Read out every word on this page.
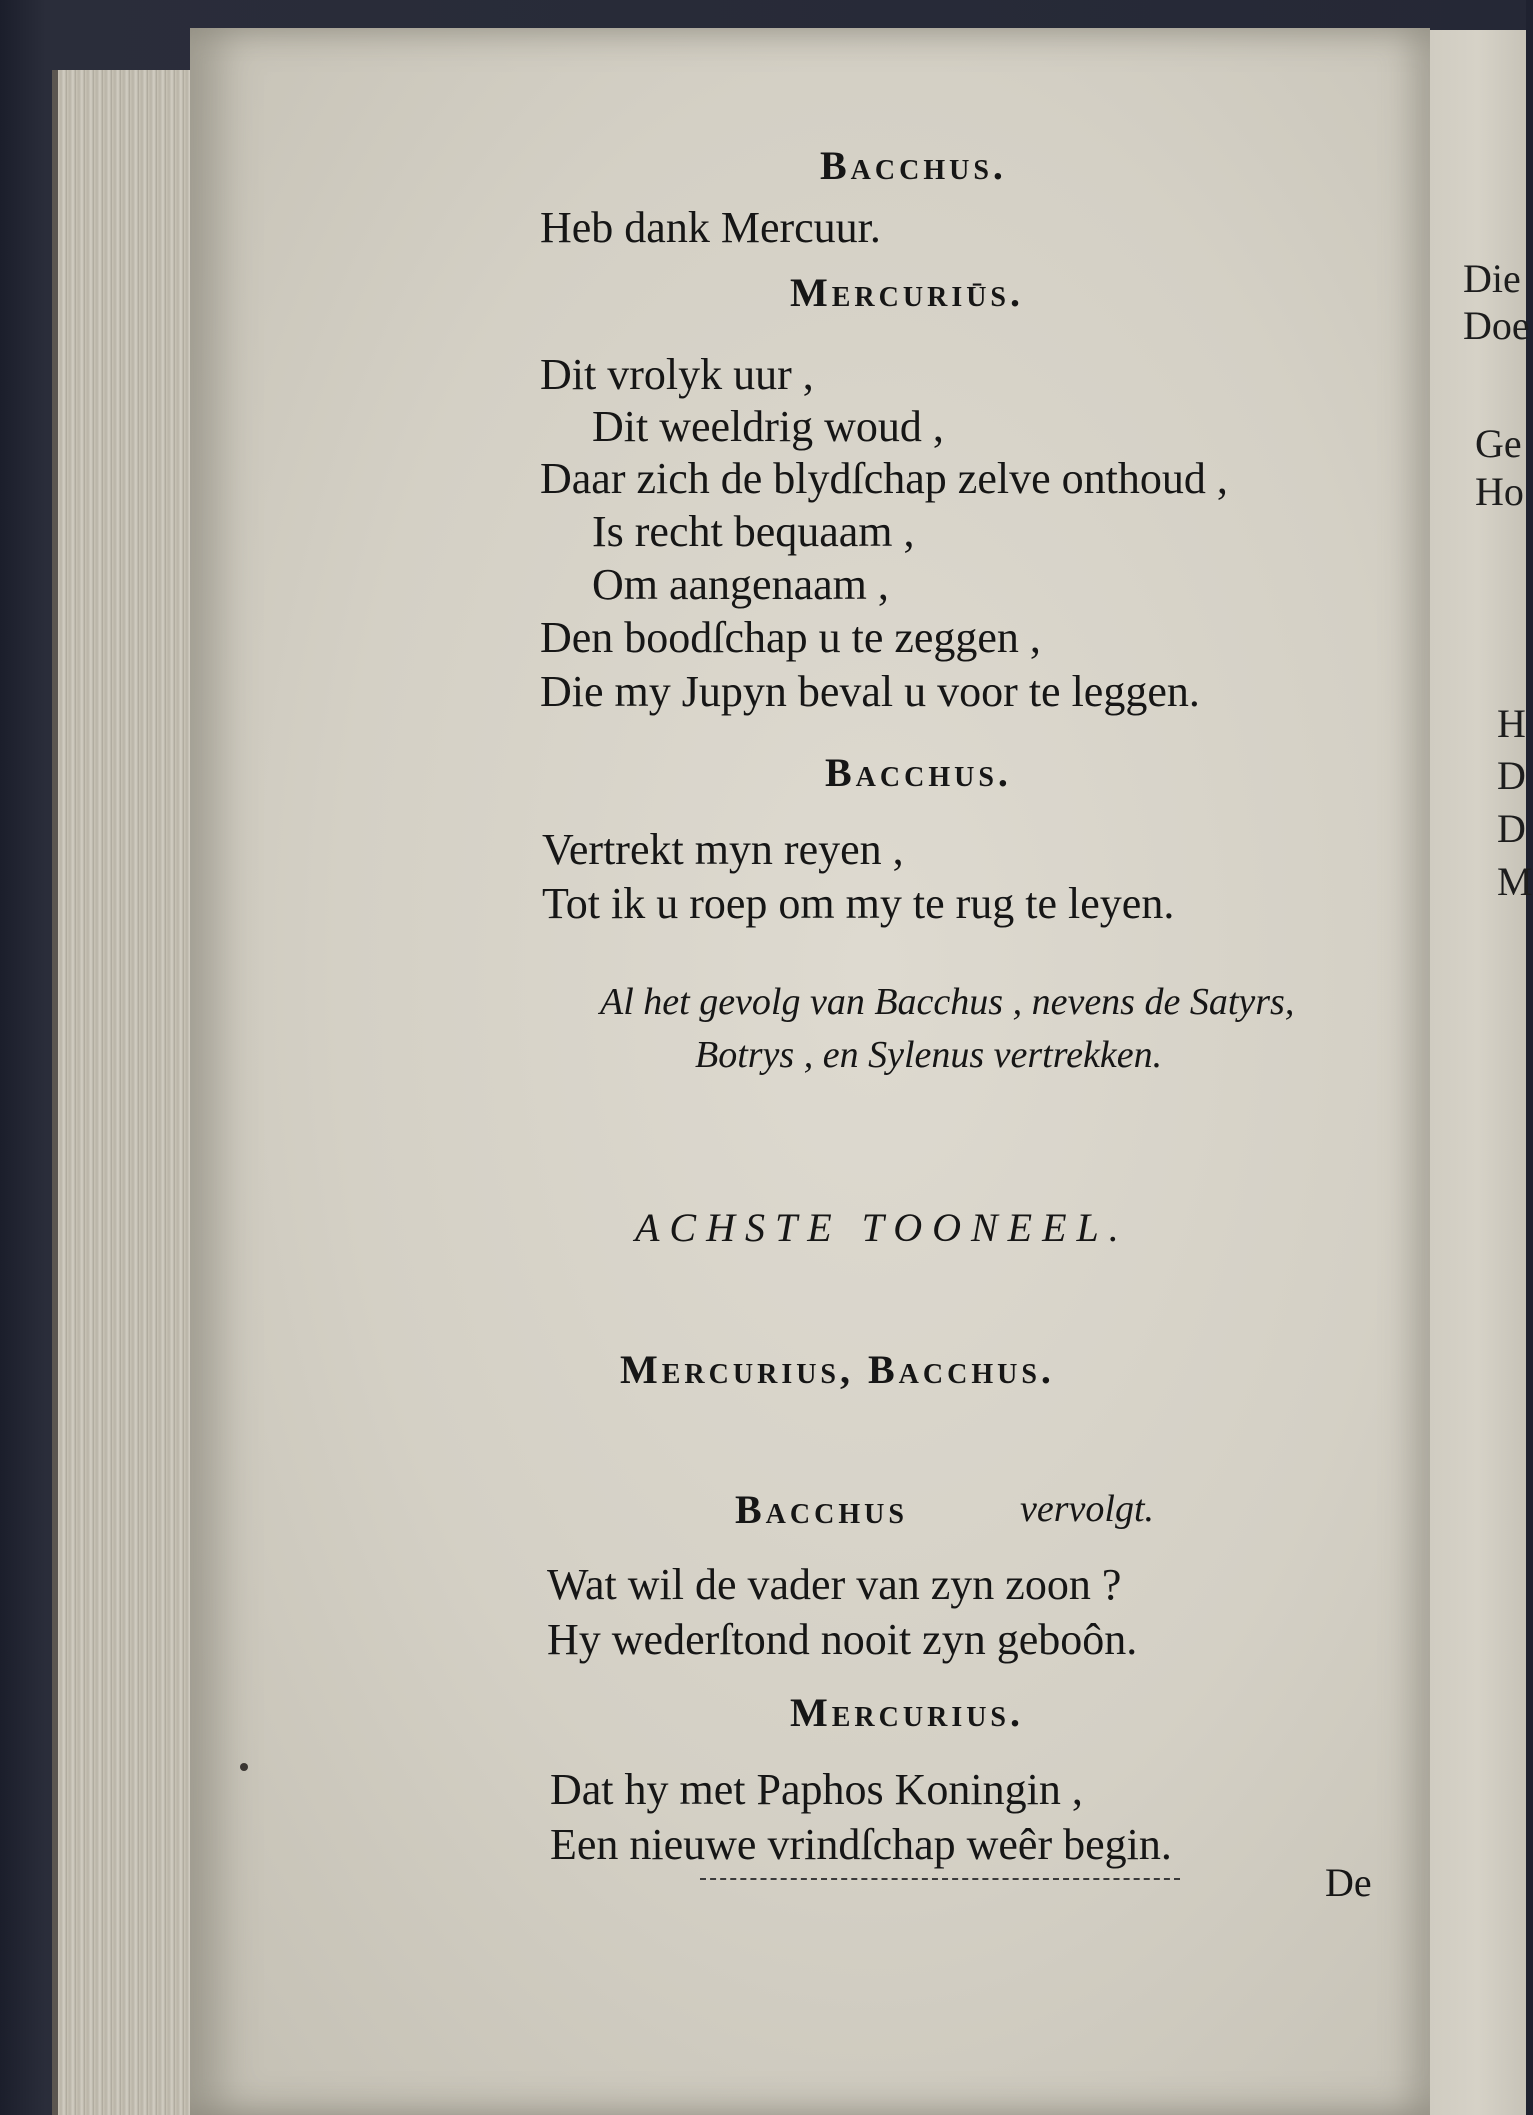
Die
Doe
Ge
Ho
H
D
D
M
Bacchus.
Heb dank Mercuur.
Mercuriūs.
Dit vrolyk uur ,
Dit weeldrig woud ,
Daar zich de blydſchap zelve onthoud ,
Is recht bequaam ,
Om aangenaam ,
Den boodſchap u te zeggen ,
Die my Jupyn beval u voor te leggen.
Bacchus.
Vertrekt myn reyen ,
Tot ik u roep om my te rug te leyen.
Al het gevolg van Bacchus , nevens de Satyrs,
Botrys , en Sylenus vertrekken.
ACHSTE TOONEEL.
Mercurius, Bacchus.
Bacchus	vervolgt.
Wat wil de vader van zyn zoon ?
Hy wederſtond nooit zyn geboôn.
Mercurius.
Dat hy met Paphos Koningin ,
Een nieuwe vrindſchap weêr begin.
De
